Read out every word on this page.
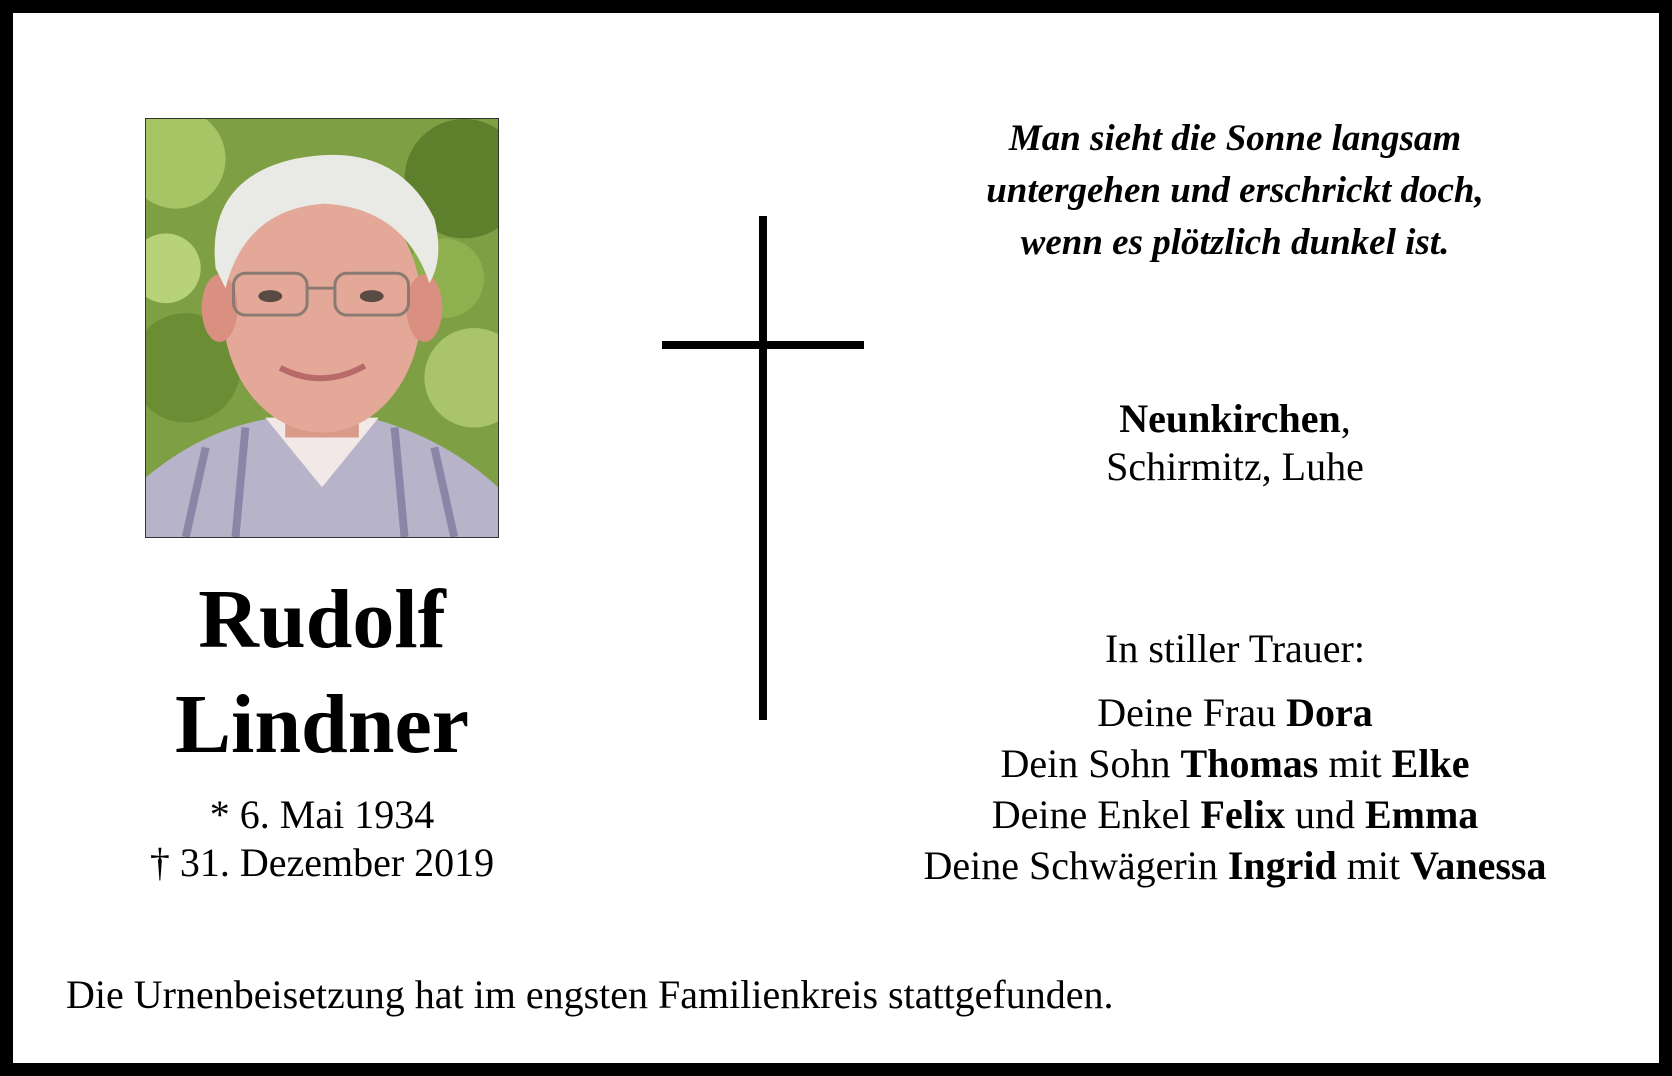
Rudolf
Lindner
* 6. Mai 1934
† 31. Dezember 2019
Man sieht die Sonne langsam
untergehen und erschrickt doch,
wenn es plötzlich dunkel ist.
Neunkirchen,
Schirmitz, Luhe
In stiller Trauer:
Deine Frau Dora
Dein Sohn Thomas mit Elke
Deine Enkel Felix und Emma
Deine Schwägerin Ingrid mit Vanessa
Die Urnenbeisetzung hat im engsten Familienkreis stattgefunden.
